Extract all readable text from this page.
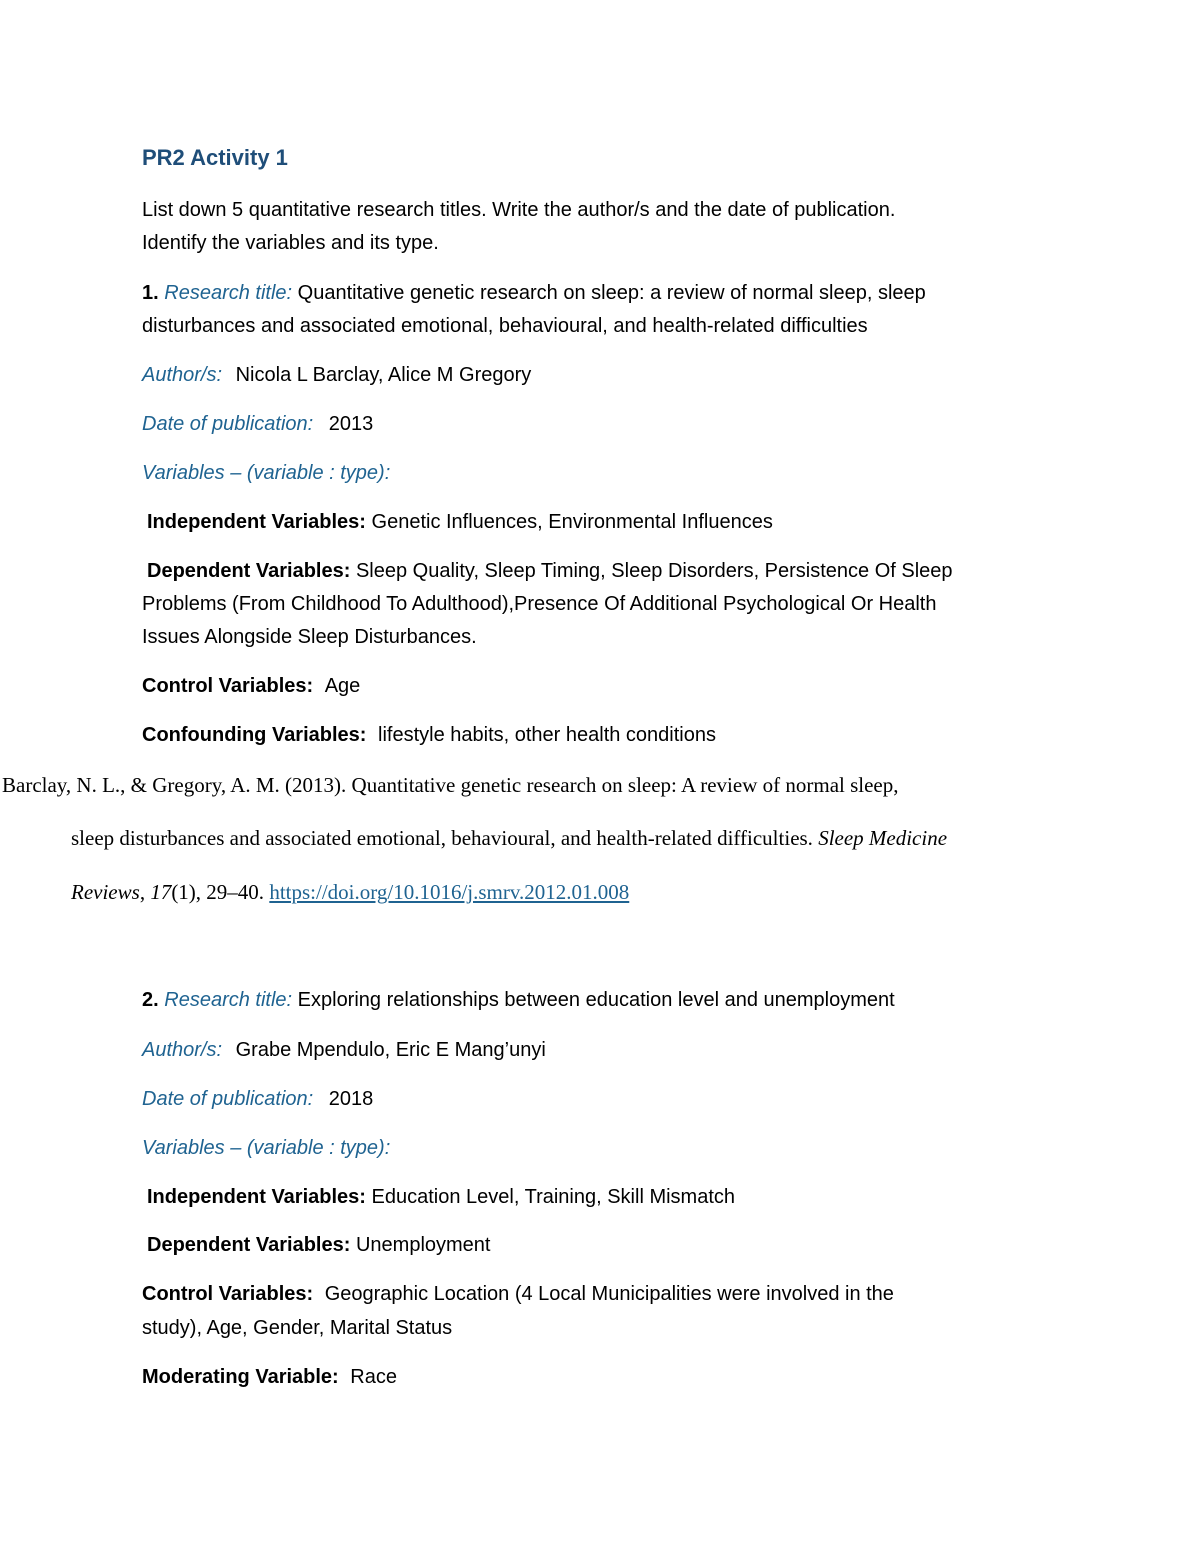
PR2 Activity 1
List down 5 quantitative research titles. Write the author/s and the date of publication.
Identify the variables and its type.
1. Research title: Quantitative genetic research on sleep: a review of normal sleep, sleep
disturbances and associated emotional, behavioural, and health-related difficulties
Author/s: Nicola L Barclay, Alice M Gregory
Date of publication: 2013
Variables – (variable : type):
Independent Variables: Genetic Influences, Environmental Influences
Dependent Variables: Sleep Quality, Sleep Timing, Sleep Disorders, Persistence Of Sleep
Problems (From Childhood To Adulthood),Presence Of Additional Psychological Or Health
Issues Alongside Sleep Disturbances.
Control Variables: Age
Confounding Variables: lifestyle habits, other health conditions
Barclay, N. L., & Gregory, A. M. (2013). Quantitative genetic research on sleep: A review of normal sleep,
sleep disturbances and associated emotional, behavioural, and health-related difficulties. Sleep Medicine
Reviews, 17(1), 29–40. https://doi.org/10.1016/j.smrv.2012.01.008
2. Research title: Exploring relationships between education level and unemployment
Author/s: Grabe Mpendulo, Eric E Mang’unyi
Date of publication: 2018
Variables – (variable : type):
Independent Variables: Education Level, Training, Skill Mismatch
Dependent Variables: Unemployment
Control Variables: Geographic Location (4 Local Municipalities were involved in the
study), Age, Gender, Marital Status
Moderating Variable: Race
